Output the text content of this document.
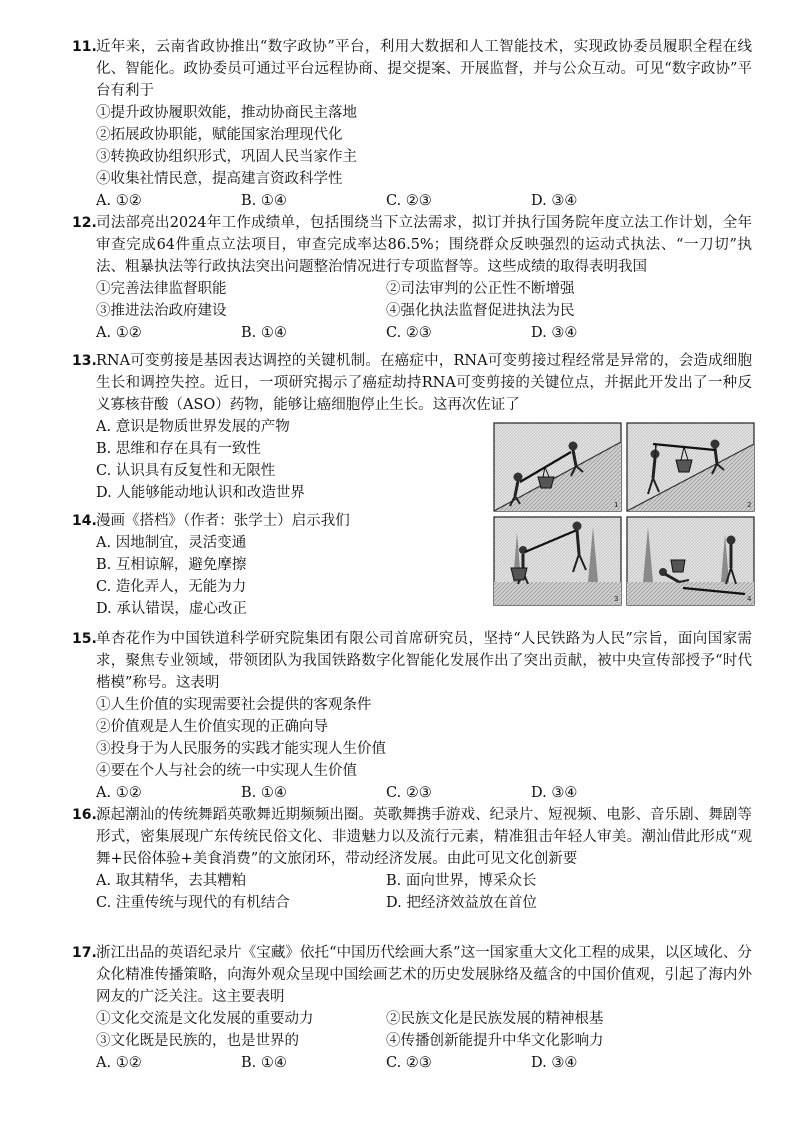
11. 近年来，云南省政协推出“数字政协”平台，利用大数据和人工智能技术，实现政协委员履职全程在线化、智能化。政协委员可通过平台远程协商、提交提案、开展监督，并与公众互动。可见“数字政协”平台有利于
①提升政协履职效能，推动协商民主落地
②拓展政协职能，赋能国家治理现代化
③转换政协组织形式，巩固人民当家作主
④收集社情民意，提高建言资政科学性
A. ①②	B. ①④	C. ②③	D. ③④
12. 司法部亮出2024年工作成绩单，包括围绕当下立法需求，拟订并执行国务院年度立法工作计划，全年审查完成64件重点立法项目，审查完成率达86.5%；围绕群众反映强烈的运动式执法、“一刀切”执法、粗暴执法等行政执法突出问题整治情况进行专项监督等。这些成绩的取得表明我国
①完善法律监督职能	②司法审判的公正性不断增强
③推进法治政府建设	④强化执法监督促进执法为民
A. ①②	B. ①④	C. ②③	D. ③④
13. RNA可变剪接是基因表达调控的关键机制。在癌症中，RNA可变剪接过程经常是异常的，会造成细胞生长和调控失控。近日，一项研究揭示了癌症劫持RNA可变剪接的关键位点，并据此开发出了一种反义寡核苷酸（ASO）药物，能够让癌细胞停止生长。这再次佐证了
A. 意识是物质世界发展的产物
B. 思维和存在具有一致性
C. 认识具有反复性和无限性
D. 人能够能动地认识和改造世界
14. 漫画《搭档》（作者：张学士）启示我们
A. 因地制宜，灵活变通
B. 互相谅解，避免摩擦
C. 造化弄人，无能为力
D. 承认错误，虚心改正
1	2
3	4
15. 单杏花作为中国铁道科学研究院集团有限公司首席研究员，坚持“人民铁路为人民”宗旨，面向国家需求，聚焦专业领域，带领团队为我国铁路数字化智能化发展作出了突出贡献，被中央宣传部授予“时代楷模”称号。这表明
①人生价值的实现需要社会提供的客观条件
②价值观是人生价值实现的正确向导
③投身于为人民服务的实践才能实现人生价值
④要在个人与社会的统一中实现人生价值
A. ①②	B. ①④	C. ②③	D. ③④
16. 源起潮汕的传统舞蹈英歌舞近期频频出圈。英歌舞携手游戏、纪录片、短视频、电影、音乐剧、舞剧等形式，密集展现广东传统民俗文化、非遗魅力以及流行元素，精准狙击年轻人审美。潮汕借此形成“观舞+民俗体验+美食消费”的文旅闭环，带动经济发展。由此可见文化创新要
A. 取其精华，去其糟粕	B. 面向世界，博采众长
C. 注重传统与现代的有机结合	D. 把经济效益放在首位
17. 浙江出品的英语纪录片《宝藏》依托“中国历代绘画大系”这一国家重大文化工程的成果，以区域化、分众化精准传播策略，向海外观众呈现中国绘画艺术的历史发展脉络及蕴含的中国价值观，引起了海内外网友的广泛关注。这主要表明
①文化交流是文化发展的重要动力	②民族文化是民族发展的精神根基
③文化既是民族的，也是世界的	④传播创新能提升中华文化影响力
A. ①②	B. ①④	C. ②③	D. ③④
